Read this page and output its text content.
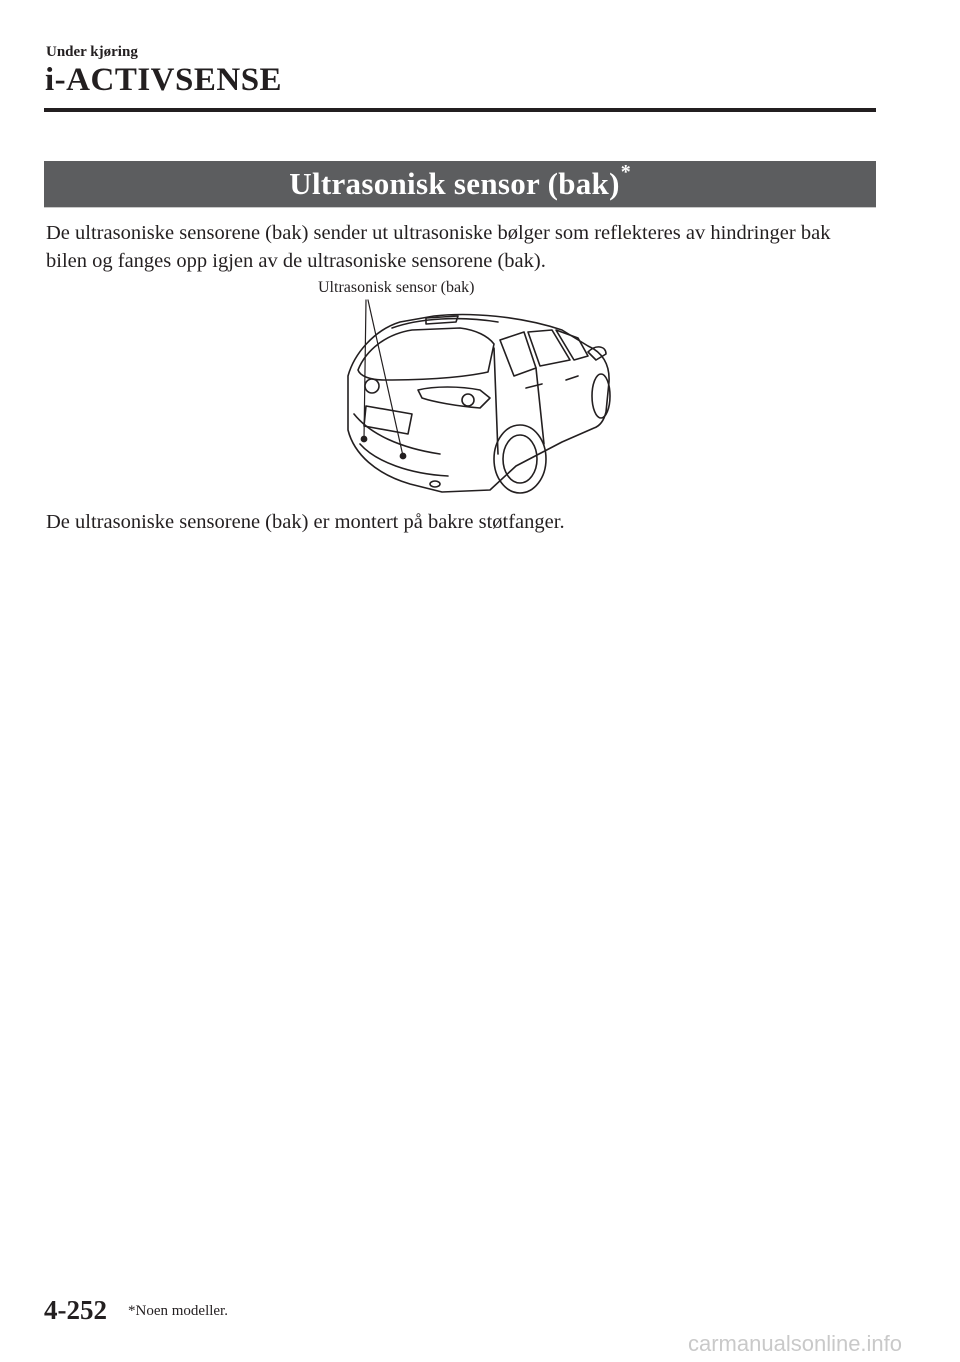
Under kjøring
i-ACTIVSENSE
Ultrasonisk sensor (bak) *

De ultrasoniske sensorene (bak) sender ut ultrasoniske bølger som reflekteres av hindringer bak bilen og fanges opp igjen av de ultrasoniske sensorene (bak).

Ultrasonisk sensor (bak)

De ultrasoniske sensorene (bak) er montert på bakre støtfanger.

4-252 *Noen modeller.
carmanualsonline.info
